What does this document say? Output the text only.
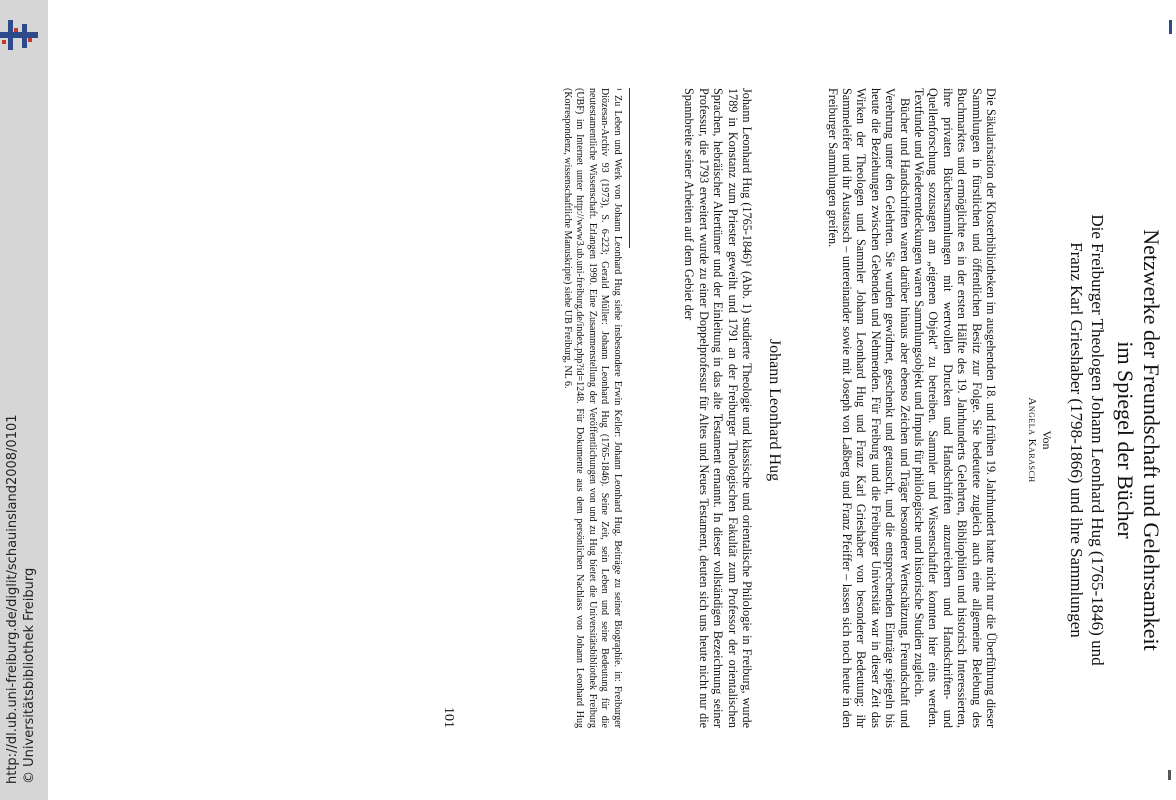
http://dl.ub.uni-freiburg.de/diglit/schauinsland2008/0101 © Universitätsbibliothek Freiburg
Netzwerke der Freundschaft und Gelehrsamkeit
im Spiegel der Bücher
Die Freiburger Theologen Johann Leonhard Hug (1765-1846) und
Franz Karl Grieshaber (1798-1866) und ihre Sammlungen
Von
Angela Karasch

Die Säkularisation der Klosterbibliotheken im ausgehenden 18. und frühen 19. Jahrhundert hatte nicht nur die Überführung dieser Sammlungen in fürstlichen und öffentlichen Besitz zur Folge. Sie bedeutete zugleich auch eine allgemeine Belebung des Buchmarktes und ermöglichte es in der ersten Hälfte des 19. Jahrhunderts Gelehrten, Bibliophilen und historisch Interessierten, ihre privaten Büchersammlungen mit wertvollen Drucken und Handschriften anzureichern und Handschriften- und Quellenforschung sozusagen am „eigenen Objekt" zu betreiben. Sammler und Wissenschaftler konnten hier eins werden. Textfunde und Wiederentdeckungen waren Sammlungsobjekt und Impuls für philologische und historische Studien zugleich.

Bücher und Handschriften waren darüber hinaus aber ebenso Zeichen und Träger besonderer Wertschätzung, Freundschaft und Verehrung unter den Gelehrten. Sie wurden gewidmet, geschenkt und getauscht, und die entsprechenden Einträge spiegeln bis heute die Beziehungen zwischen Gebenden und Nehmenden. Für Freiburg und die Freiburger Universität war in dieser Zeit das Wirken der Theologen und Sammler Johann Leonhard Hug und Franz Karl Grieshaber von besonderer Bedeutung: ihr Sammeleifer und ihr Austausch – untereinander sowie mit Joseph von Laßberg und Franz Pfeiffer – lassen sich noch heute in den Freiburger Sammlungen greifen.

Johann Leonhard Hug

Johann Leonhard Hug (1765-1846)¹ (Abb. 1) studierte Theologie und klassische und orientalische Philologie in Freiburg, wurde 1789 in Konstanz zum Priester geweiht und 1791 an der Freiburger Theologischen Fakultät zum Professor der orientalischen Sprachen, hebräischer Altertümer und der Einleitung in das alte Testament ernannt. In dieser vollständigen Bezeichnung seiner Professur, die 1793 erweitert wurde zu einer Doppelprofessur für Altes und Neues Testament, deuten sich uns heute nicht nur die Spannbreite seiner Arbeiten auf dem Gebiet der

¹ Zu Leben und Werk von Johann Leonhard Hug siehe insbesondere Erwin Keller: Johann Leonhard Hug. Beiträge zu seiner Biographie. in: Freiburger Diözesan-Archiv 93 (1973), S. 6-223; Gerald Müller: Johann Leonhard Hug (1765-1846). Seine Zeit, sein Leben und seine Bedeutung für die neutestamentliche Wissenschaft. Erlangen 1990. Eine Zusammenstellung der Veröffentlichungen von und zu Hug bietet die Universitätsbibliothek Freiburg (UBF) im Internet unter http://www3.ub.uni-freiburg.de/index.php?id=1248. Für Dokumente aus dem persönlichen Nachlass von Johann Leonhard Hug (Korrespondenz, wissenschaftliche Manuskripte) siehe UB Freiburg, NL 6.
101
